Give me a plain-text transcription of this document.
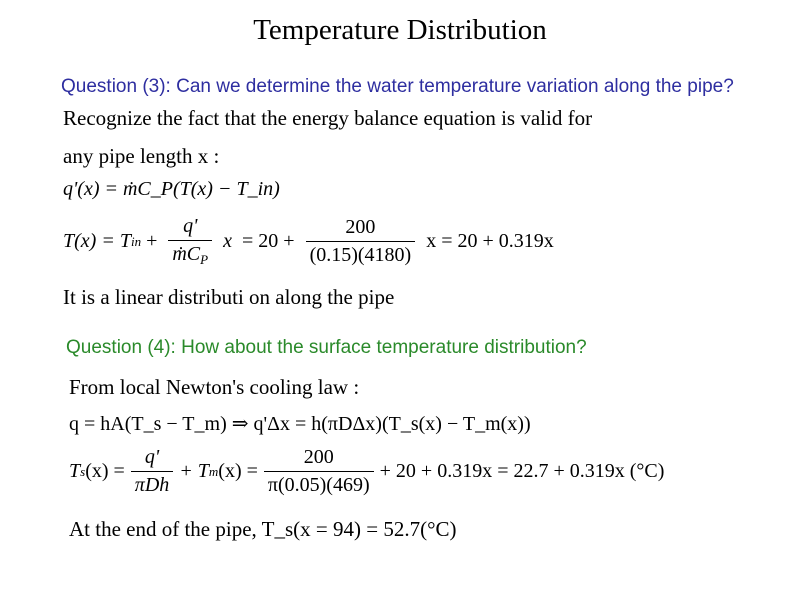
Temperature Distribution
Question (3): Can we determine the water temperature variation along the pipe?
Recognize the fact that the energy balance equation is valid for
any pipe length x :
q'(x) = ṁC_P(T(x) − T_in)
T(x) = T in + $\frac{q'}{ṁC_P}$ $x = 20 + \frac{200}{(0.15)(4180)}$ x = 20 + 0.319x
It is a linear distributi on along the pipe
Question (4): How about the surface temperature distribution?
From local Newton's cooling law :
q = hA(T_s − T_m) ⇒ q'Δx = h(πDΔx)(T_s(x) − T_m(x))
T s $(x) = \frac{q'}{\text{πDh}} + T$ m $(x) = \frac{200}{\pi(0.05)(469)} + 20 + 0.319x = 22.7 + 0.319x$ (°C)
At the end of the pipe, T_s(x = 94) = 52.7(°C)
